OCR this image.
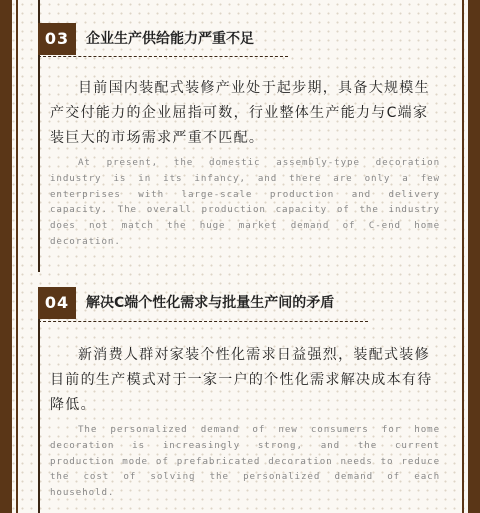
03	企业生产供给能力严重不足

目前国内装配式装修产业处于起步期，具备大规模生产交付能力的企业屈指可数，行业整体生产能力与C端家装巨大的市场需求严重不匹配。

At present, the domestic assembly-type decoration industry is in its infancy, and there are only a few enterprises with large-scale production and delivery capacity. The overall production capacity of the industry does not match the huge market demand of C-end home decoration.

04	解决C端个性化需求与批量生产间的矛盾

新消费人群对家装个性化需求日益强烈，装配式装修目前的生产模式对于一家一户的个性化需求解决成本有待降低。

The personalized demand of new consumers for home decoration is increasingly strong, and the current production mode of prefabricated decoration needs to reduce the cost of solving the personalized demand of each household.
